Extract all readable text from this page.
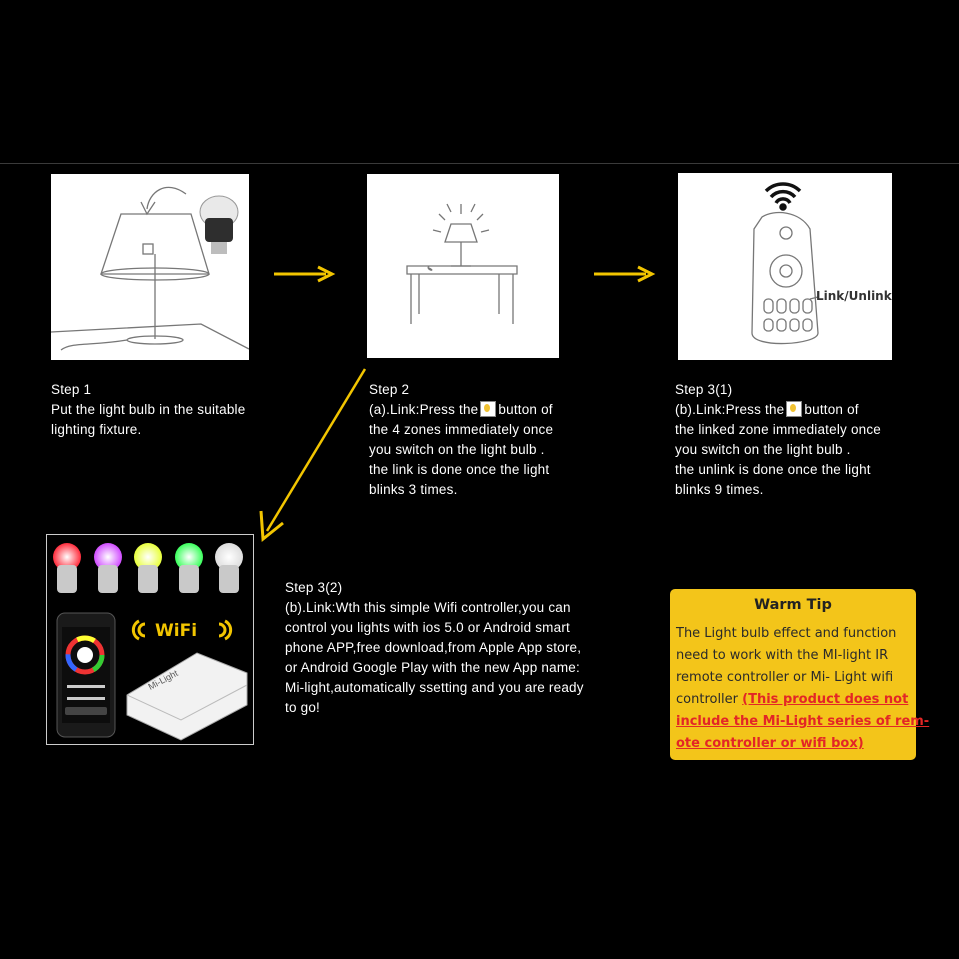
Link/Unlink
Step 1
Put the light bulb in the suitable
lighting fixture.
Step 2
(a).Link:Press the button of
the 4 zones immediately once
you switch on the light bulb .
the link is done once the light
blinks 3 times.
Step 3(1)
(b).Link:Press the button of
the linked zone immediately once
you switch on the light bulb .
the unlink is done once the light
blinks 9 times.
WiFi
Mi-Light
Step 3(2)
(b).Link:Wth this simple Wifi controller,you can
control you lights with ios 5.0 or Android smart
phone APP,free download,from Apple App store,
or Android Google Play with the new App name:
Mi-light,automatically ssetting and you are ready
to go!
Warm Tip
The Light bulb effect and function
need to work with the MI-light IR
remote controller or Mi- Light wifi
controller (This product does not
include the Mi-Light series of rem-
ote controller or wifi box)
